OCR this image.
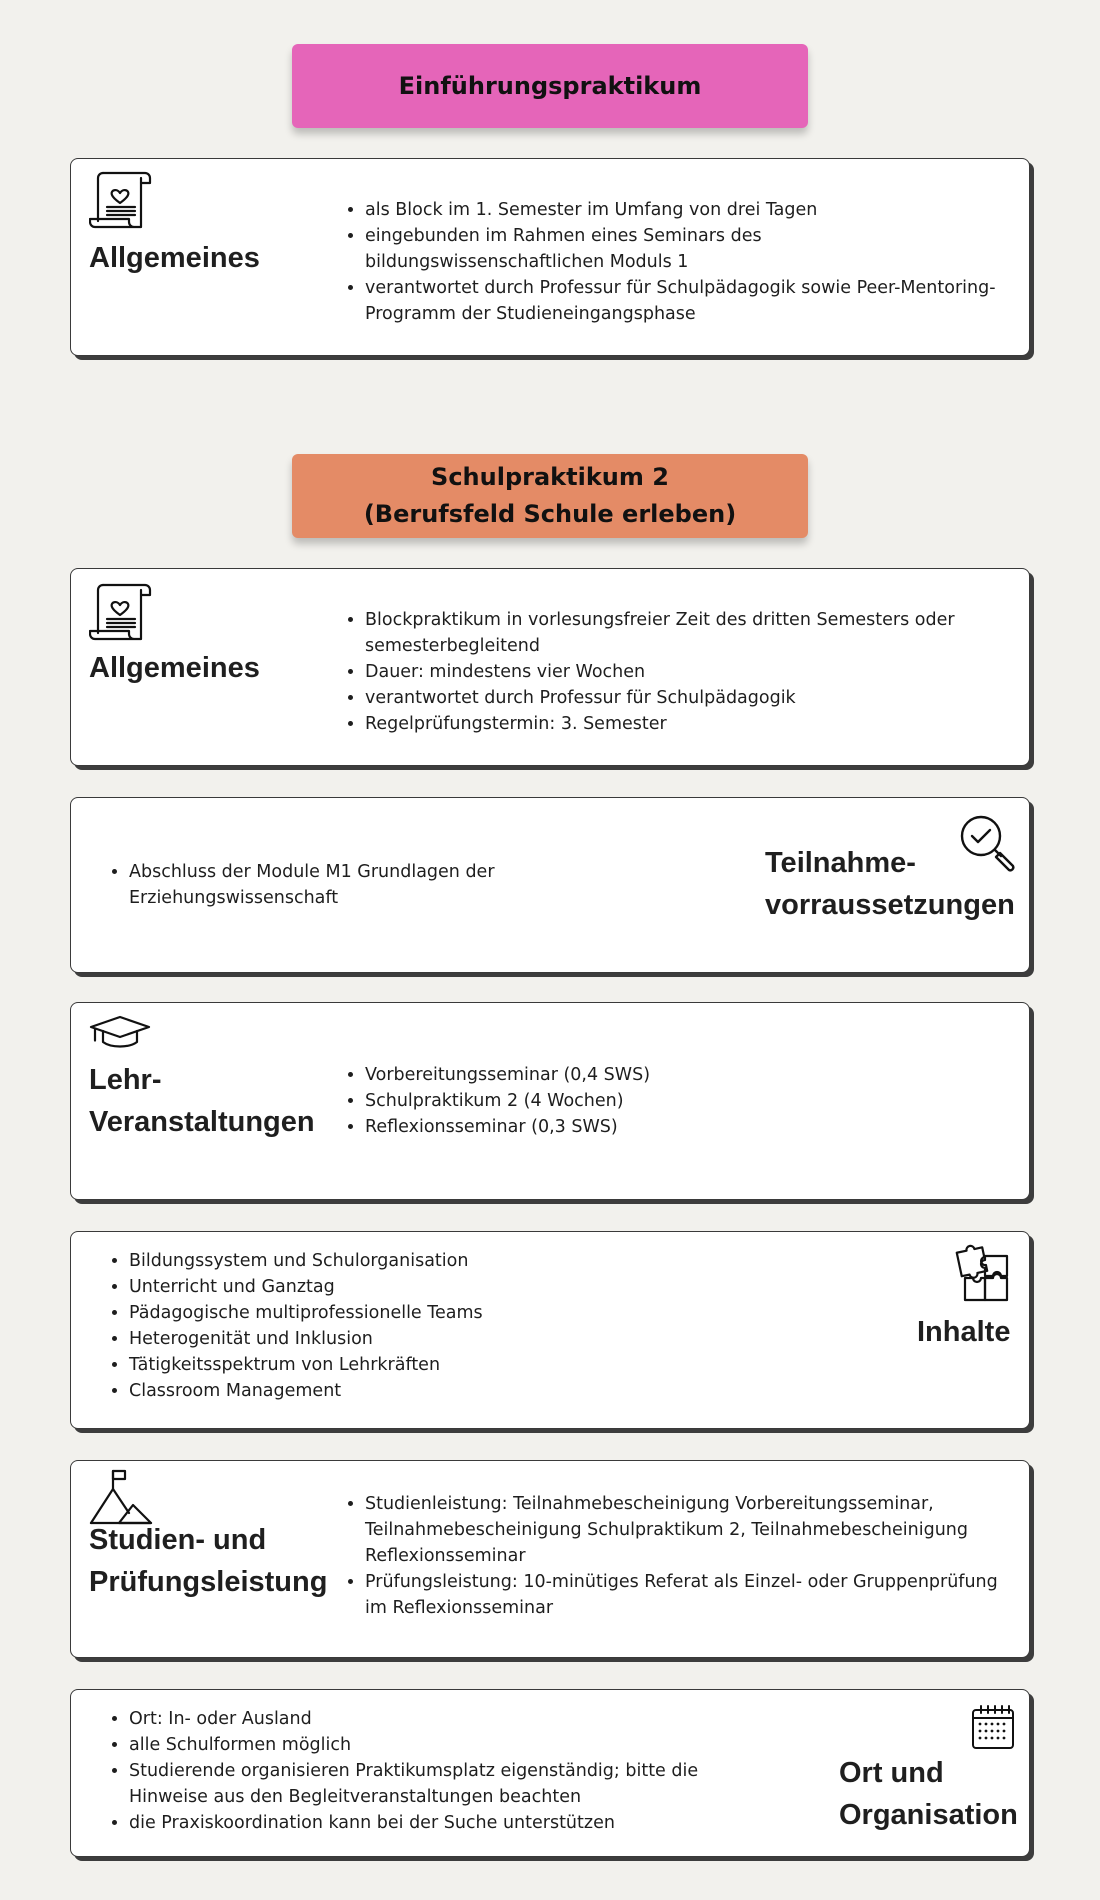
Einführungspraktikum
Allgemeines
• als Block im 1. Semester im Umfang von drei Tagen
• eingebunden im Rahmen eines Seminars des bildungswissenschaftlichen Moduls 1
• verantwortet durch Professur für Schulpädagogik sowie Peer-Mentoring-Programm der Studieneingangsphase
Schulpraktikum 2
(Berufsfeld Schule erleben)
Allgemeines
• Blockpraktikum in vorlesungsfreier Zeit des dritten Semesters oder semesterbegleitend
• Dauer: mindestens vier Wochen
• verantwortet durch Professur für Schulpädagogik
• Regelprüfungstermin: 3. Semester
• Abschluss der Module M1 Grundlagen der Erziehungswissenschaft
Teilnahme-
vorraussetzungen
Lehr-
Veranstaltungen
• Vorbereitungsseminar (0,4 SWS)
• Schulpraktikum 2 (4 Wochen)
• Reflexionsseminar (0,3 SWS)
• Bildungssystem und Schulorganisation
• Unterricht und Ganztag
• Pädagogische multiprofessionelle Teams
• Heterogenität und Inklusion
• Tätigkeitsspektrum von Lehrkräften
• Classroom Management
Inhalte
Studien- und
Prüfungsleistung
• Studienleistung: Teilnahmebescheinigung Vorbereitungsseminar, Teilnahmebescheinigung Schulpraktikum 2, Teilnahmebescheinigung Reflexionsseminar
• Prüfungsleistung: 10-minütiges Referat als Einzel- oder Gruppenprüfung im Reflexionsseminar
• Ort: In- oder Ausland
• alle Schulformen möglich
• Studierende organisieren Praktikumsplatz eigenständig; bitte die Hinweise aus den Begleitveranstaltungen beachten
• die Praxiskoordination kann bei der Suche unterstützen
Ort und
Organisation
